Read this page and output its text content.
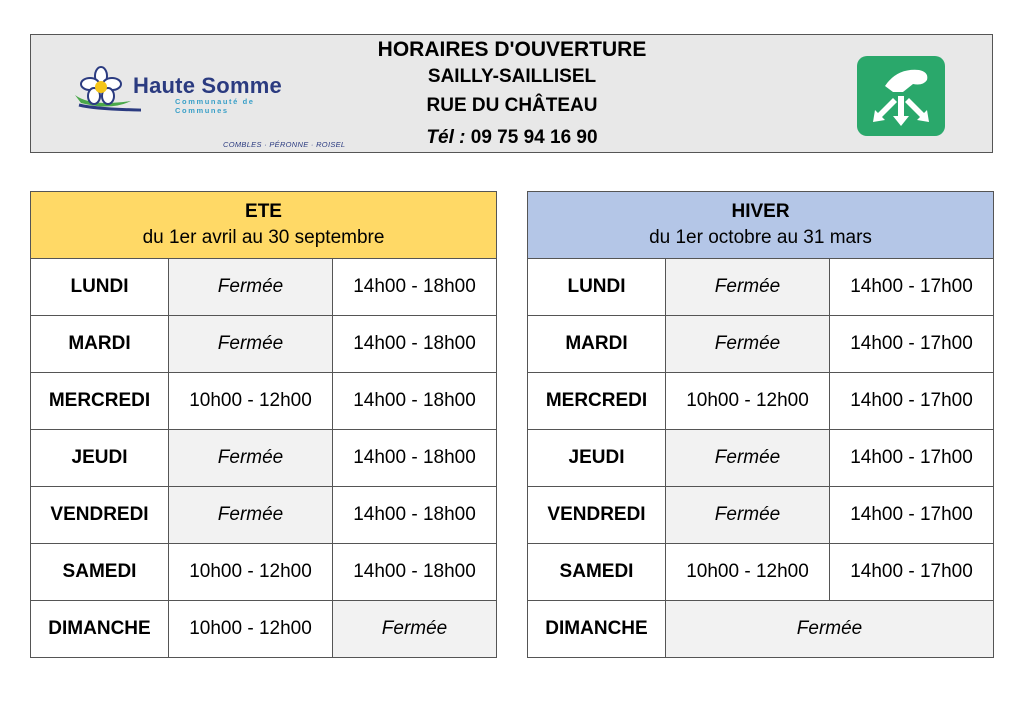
Haute Somme
Communauté de Communes
COMBLES · PÉRONNE · ROISEL
HORAIRES D'OUVERTURE
SAILLY-SAILLISEL
RUE DU CHÂTEAU
Tél : 09 75 94 16 90
ETE
du 1er avril au 30 septembre		

LUNDI	Fermée	14h00 - 18h00
MARDI	Fermée	14h00 - 18h00
MERCREDI	10h00 - 12h00	14h00 - 18h00
JEUDI	Fermée	14h00 - 18h00
VENDREDI	Fermée	14h00 - 18h00
SAMEDI	10h00 - 12h00	14h00 - 18h00
DIMANCHE	10h00 - 12h00	Fermée
HIVER
du 1er octobre au 31 mars		

LUNDI	Fermée	14h00 - 17h00
MARDI	Fermée	14h00 - 17h00
MERCREDI	10h00 - 12h00	14h00 - 17h00
JEUDI	Fermée	14h00 - 17h00
VENDREDI	Fermée	14h00 - 17h00
SAMEDI	10h00 - 12h00	14h00 - 17h00
DIMANCHE	Fermée	
